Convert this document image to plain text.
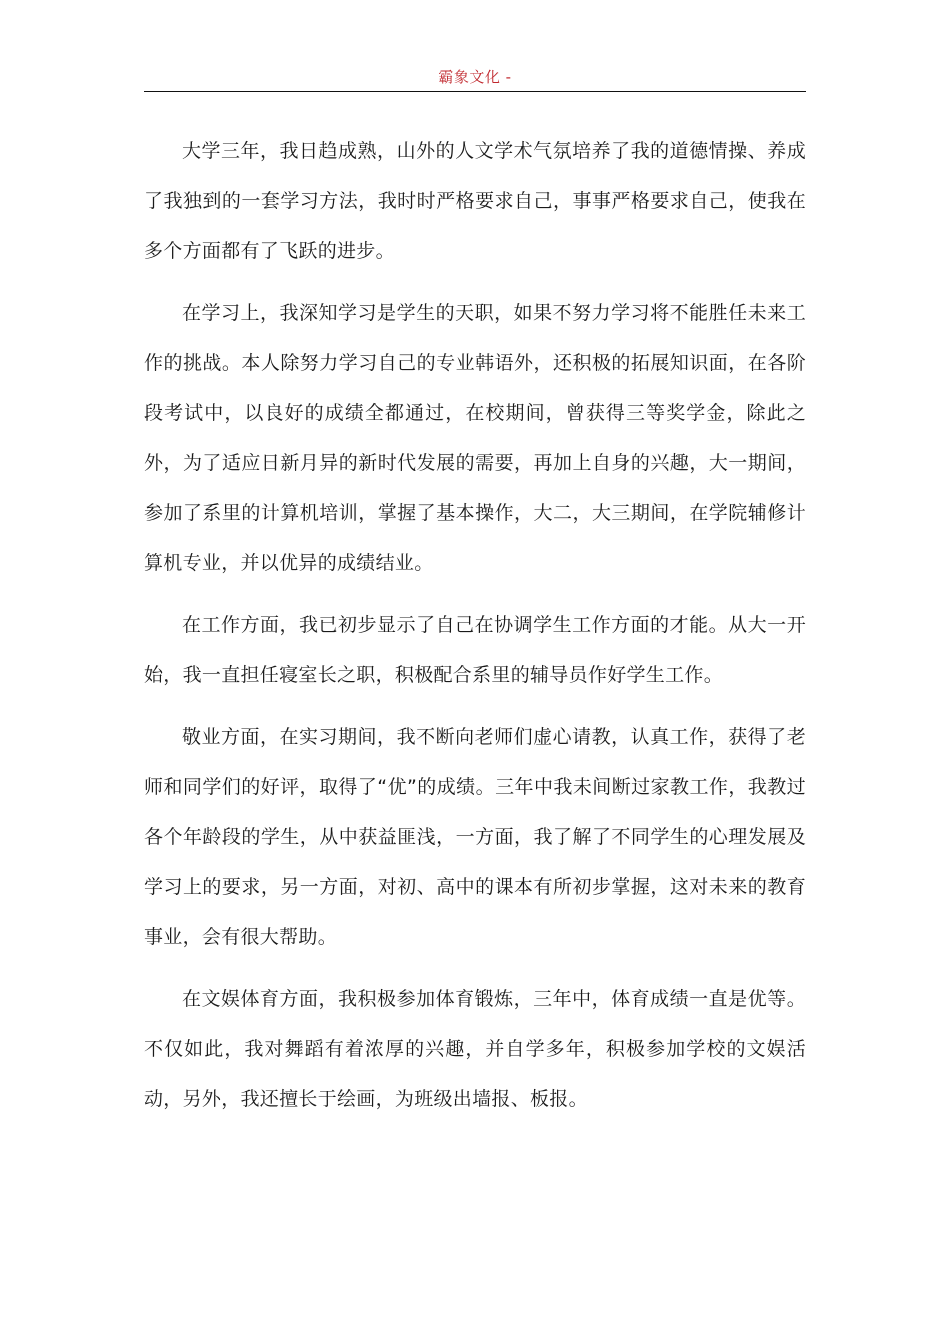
霸象文化 -

大学三年，我日趋成熟，山外的人文学术气氛培养了我的道德情操、养成了我独到的一套学习方法，我时时严格要求自己，事事严格要求自己，使我在多个方面都有了飞跃的进步。

在学习上，我深知学习是学生的天职，如果不努力学习将不能胜任未来工作的挑战。本人除努力学习自己的专业韩语外，还积极的拓展知识面，在各阶段考试中，以良好的成绩全都通过，在校期间，曾获得三等奖学金，除此之外，为了适应日新月异的新时代发展的需要，再加上自身的兴趣，大一期间，参加了系里的计算机培训，掌握了基本操作，大二，大三期间，在学院辅修计算机专业，并以优异的成绩结业。

在工作方面，我已初步显示了自己在协调学生工作方面的才能。从大一开始，我一直担任寝室长之职，积极配合系里的辅导员作好学生工作。

敬业方面，在实习期间，我不断向老师们虚心请教，认真工作，获得了老师和同学们的好评，取得了“优”的成绩。三年中我未间断过家教工作，我教过各个年龄段的学生，从中获益匪浅，一方面，我了解了不同学生的心理发展及学习上的要求，另一方面，对初、高中的课本有所初步掌握，这对未来的教育事业，会有很大帮助。

在文娱体育方面，我积极参加体育锻炼，三年中，体育成绩一直是优等。不仅如此，我对舞蹈有着浓厚的兴趣，并自学多年，积极参加学校的文娱活动，另外，我还擅长于绘画，为班级出墙报、板报。
